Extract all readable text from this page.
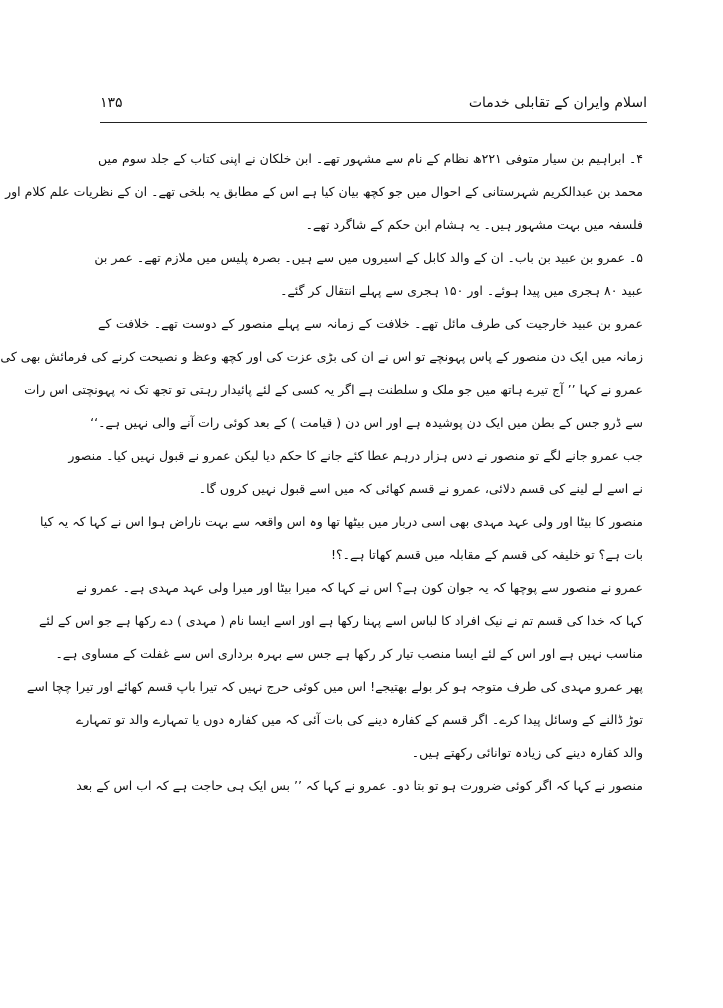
اسلام وایران کے تقابلی خدمات
۱۳۵
۴۔ ابراہیم بن سیار متوفی ۲۲۱ھ نظام کے نام سے مشہور تھے۔ ابن خلکان نے اپنی کتاب کے جلد سوم میں
محمد بن عبدالکریم شہرستانی کے احوال میں جو کچھ بیان کیا ہے اس کے مطابق یہ بلخی تھے۔ ان کے نظریات علم کلام اور
فلسفہ میں بہت مشہور ہیں۔ یہ ہشام ابن حکم کے شاگرد تھے۔
۵۔ عمرو بن عبید بن باب۔ ان کے والد کابل کے اسیروں میں سے ہیں۔ بصرہ پلیس میں ملازم تھے۔ عمر بن
عبید ۸۰ ہجری میں پیدا ہوئے۔ اور ۱۵۰ ہجری سے پہلے انتقال کر گئے۔
عمرو بن عبید خارجیت کی طرف مائل تھے۔ خلافت کے زمانہ سے پہلے منصور کے دوست تھے۔ خلافت کے
زمانہ میں ایک دن منصور کے پاس پہونچے تو اس نے ان کی بڑی عزت کی اور کچھ وعظ و نصیحت کرنے کی فرمائش بھی کی
عمرو نے کہا ’’ آج تیرے ہاتھ میں جو ملک و سلطنت ہے اگر یہ کسی کے لئے پائیدار رہتی تو تجھ تک نہ پہونچتی اس رات
سے ڈرو جس کے بطن میں ایک دن پوشیدہ ہے اور اس دن ( قیامت ) کے بعد کوئی رات آنے والی نہیں ہے۔‘‘
جب عمرو جانے لگے تو منصور نے دس ہزار درہم عطا کئے جانے کا حکم دیا لیکن عمرو نے قبول نہیں کیا۔ منصور
نے اسے لے لینے کی قسم دلائی، عمرو نے قسم کھائی کہ میں اسے قبول نہیں کروں گا۔
منصور کا بیٹا اور ولی عہد مہدی بھی اسی دربار میں بیٹھا تھا وہ اس واقعہ سے بہت ناراض ہوا اس نے کہا کہ یہ کیا
بات ہے؟ تو خلیفہ کی قسم کے مقابلہ میں قسم کھاتا ہے۔؟!
عمرو نے منصور سے پوچھا کہ یہ جوان کون ہے؟ اس نے کہا کہ میرا بیٹا اور میرا ولی عہد مہدی ہے۔ عمرو نے
کہا کہ خدا کی قسم تم نے نیک افراد کا لباس اسے پہنا رکھا ہے اور اسے ایسا نام ( مہدی ) دے رکھا ہے جو اس کے لئے
مناسب نہیں ہے اور اس کے لئے ایسا منصب تیار کر رکھا ہے جس سے بہرہ برداری اس سے غفلت کے مساوی ہے۔
پھر عمرو مہدی کی طرف متوجہ ہو کر بولے بھتیجے! اس میں کوئی حرج نہیں کہ تیرا باپ قسم کھائے اور تیرا چچا اسے
توڑ ڈالنے کے وسائل پیدا کرے۔ اگر قسم کے کفارہ دینے کی بات آئی کہ میں کفارہ دوں یا تمہارے والد تو تمہارے
والد کفارہ دینے کی زیادہ توانائی رکھتے ہیں۔
منصور نے کہا کہ اگر کوئی ضرورت ہو تو بتا دو۔ عمرو نے کہا کہ ’’ بس ایک ہی حاجت ہے کہ اب اس کے بعد
